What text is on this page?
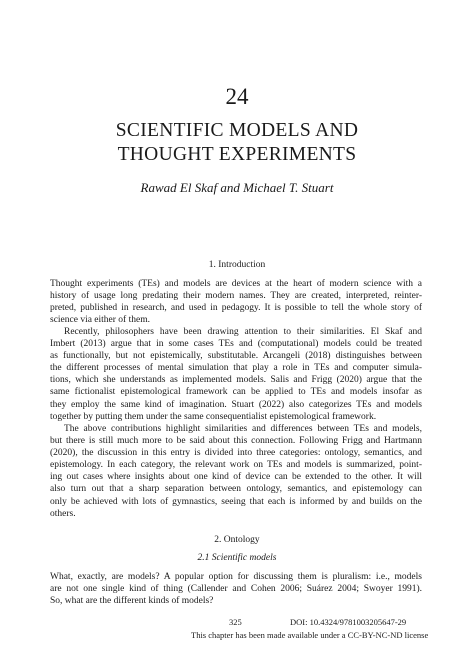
24
SCIENTIFIC MODELS AND
THOUGHT EXPERIMENTS
Rawad El Skaf and Michael T. Stuart
1. Introduction
Thought experiments (TEs) and models are devices at the heart of modern science with a
history of usage long predating their modern names. They are created, interpreted, reinter-
preted, published in research, and used in pedagogy. It is possible to tell the whole story of
science via either of them.
Recently, philosophers have been drawing attention to their similarities. El Skaf and
Imbert (2013) argue that in some cases TEs and (computational) models could be treated
as functionally, but not epistemically, substitutable. Arcangeli (2018) distinguishes between
the different processes of mental simulation that play a role in TEs and computer simula-
tions, which she understands as implemented models. Salis and Frigg (2020) argue that the
same fictionalist epistemological framework can be applied to TEs and models insofar as
they employ the same kind of imagination. Stuart (2022) also categorizes TEs and models
together by putting them under the same consequentialist epistemological framework.
The above contributions highlight similarities and differences between TEs and models,
but there is still much more to be said about this connection. Following Frigg and Hartmann
(2020), the discussion in this entry is divided into three categories: ontology, semantics, and
epistemology. In each category, the relevant work on TEs and models is summarized, point-
ing out cases where insights about one kind of device can be extended to the other. It will
also turn out that a sharp separation between ontology, semantics, and epistemology can
only be achieved with lots of gymnastics, seeing that each is informed by and builds on the
others.
2. Ontology
2.1 Scientific models
What, exactly, are models? A popular option for discussing them is pluralism: i.e., models
are not one single kind of thing (Callender and Cohen 2006; Suárez 2004; Swoyer 1991).
So, what are the different kinds of models?
325	DOI: 10.4324/9781003205647-29
This chapter has been made available under a CC-BY-NC-ND license
